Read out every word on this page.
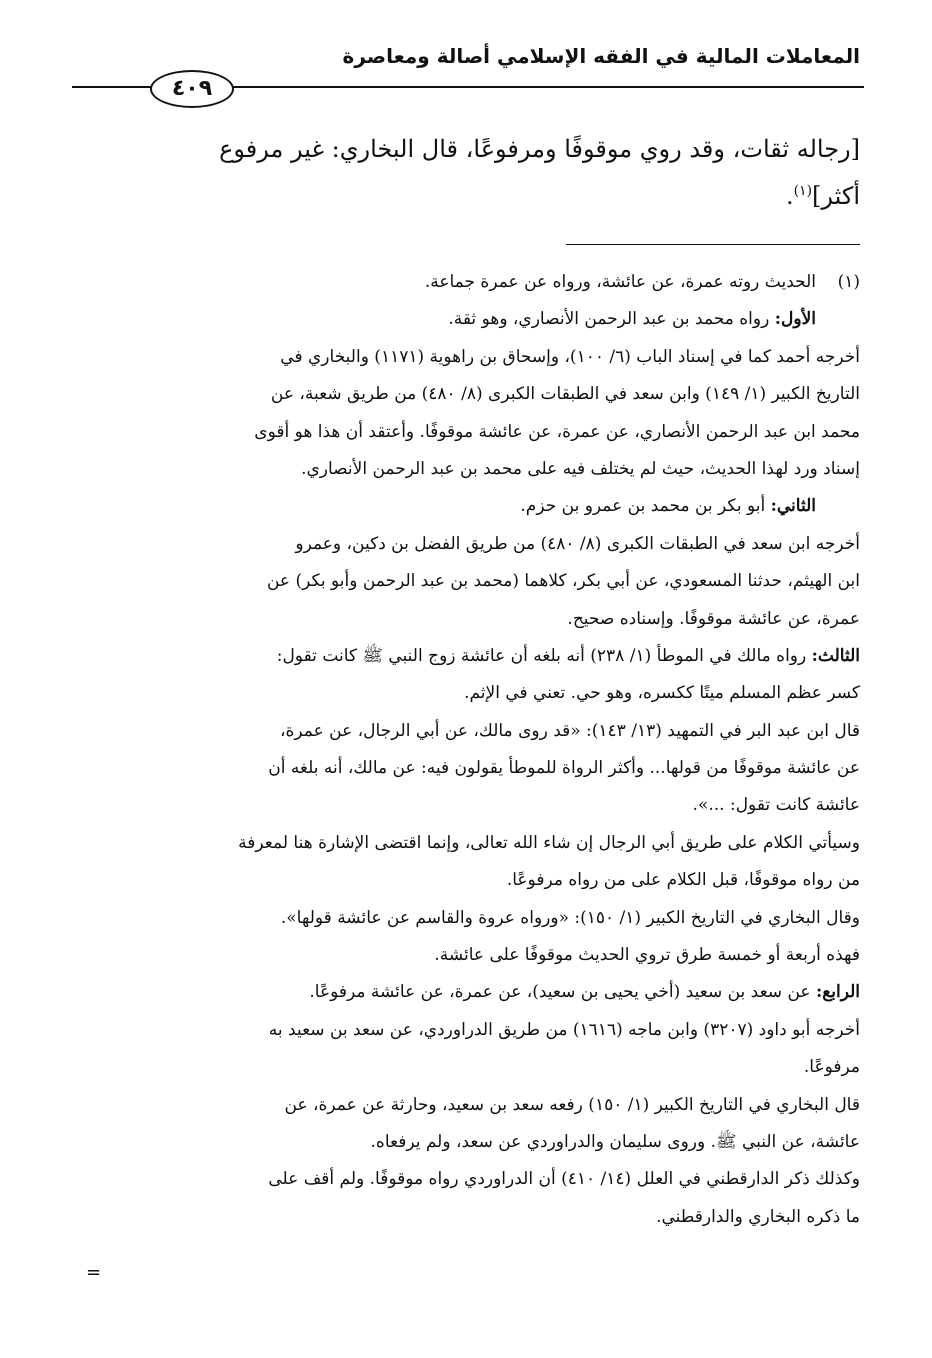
المعاملات المالية في الفقه الإسلامي أصالة ومعاصرة
٤٠٩
[رجاله ثقات، وقد روي موقوفًا ومرفوعًا، قال البخاري: غير مرفوع
أكثر]$^{(١)}$.
(١)الحديث روته عمرة، عن عائشة، ورواه عن عمرة جماعة.
الأول: رواه محمد بن عبد الرحمن الأنصاري، وهو ثقة.
أخرجه أحمد كما في إسناد الباب (٦/ ١٠٠)، وإسحاق بن راهوية (١١٧١) والبخاري في
التاريخ الكبير (١/ ١٤٩) وابن سعد في الطبقات الكبرى (٨/ ٤٨٠) من طريق شعبة، عن
محمد ابن عبد الرحمن الأنصاري، عن عمرة، عن عائشة موقوفًا. وأعتقد أن هذا هو أقوى
إسناد ورد لهذا الحديث، حيث لم يختلف فيه على محمد بن عبد الرحمن الأنصاري.
الثاني: أبو بكر بن محمد بن عمرو بن حزم.
أخرجه ابن سعد في الطبقات الكبرى (٨/ ٤٨٠) من طريق الفضل بن دكين، وعمرو
ابن الهيثم، حدثنا المسعودي، عن أبي بكر، كلاهما (محمد بن عبد الرحمن وأبو بكر) عن
عمرة، عن عائشة موقوفًا. وإسناده صحيح.
الثالث: رواه مالك في الموطأ (١/ ٢٣٨) أنه بلغه أن عائشة زوج النبي ﷺ كانت تقول:
كسر عظم المسلم ميتًا ككسره، وهو حي. تعني في الإثم.
قال ابن عبد البر في التمهيد (١٣/ ١٤٣): «قد روى مالك، عن أبي الرجال، عن عمرة،
عن عائشة موقوفًا من قولها... وأكثر الرواة للموطأ يقولون فيه: عن مالك، أنه بلغه أن
عائشة كانت تقول: ...».
وسيأتي الكلام على طريق أبي الرجال إن شاء الله تعالى، وإنما اقتضى الإشارة هنا لمعرفة
من رواه موقوفًا، قبل الكلام على من رواه مرفوعًا.
وقال البخاري في التاريخ الكبير (١/ ١٥٠): «ورواه عروة والقاسم عن عائشة قولها».
فهذه أربعة أو خمسة طرق تروي الحديث موقوفًا على عائشة.
الرابع: عن سعد بن سعيد (أخي يحيى بن سعيد)، عن عمرة، عن عائشة مرفوعًا.
أخرجه أبو داود (٣٢٠٧) وابن ماجه (١٦١٦) من طريق الدراوردي، عن سعد بن سعيد به
مرفوعًا.
قال البخاري في التاريخ الكبير (١/ ١٥٠) رفعه سعد بن سعيد، وحارثة عن عمرة، عن
عائشة، عن النبي ﷺ. وروى سليمان والدراوردي عن سعد، ولم يرفعاه.
وكذلك ذكر الدارقطني في العلل (١٤/ ٤١٠) أن الدراوردي رواه موقوفًا. ولم أقف على
ما ذكره البخاري والدارقطني.
=
